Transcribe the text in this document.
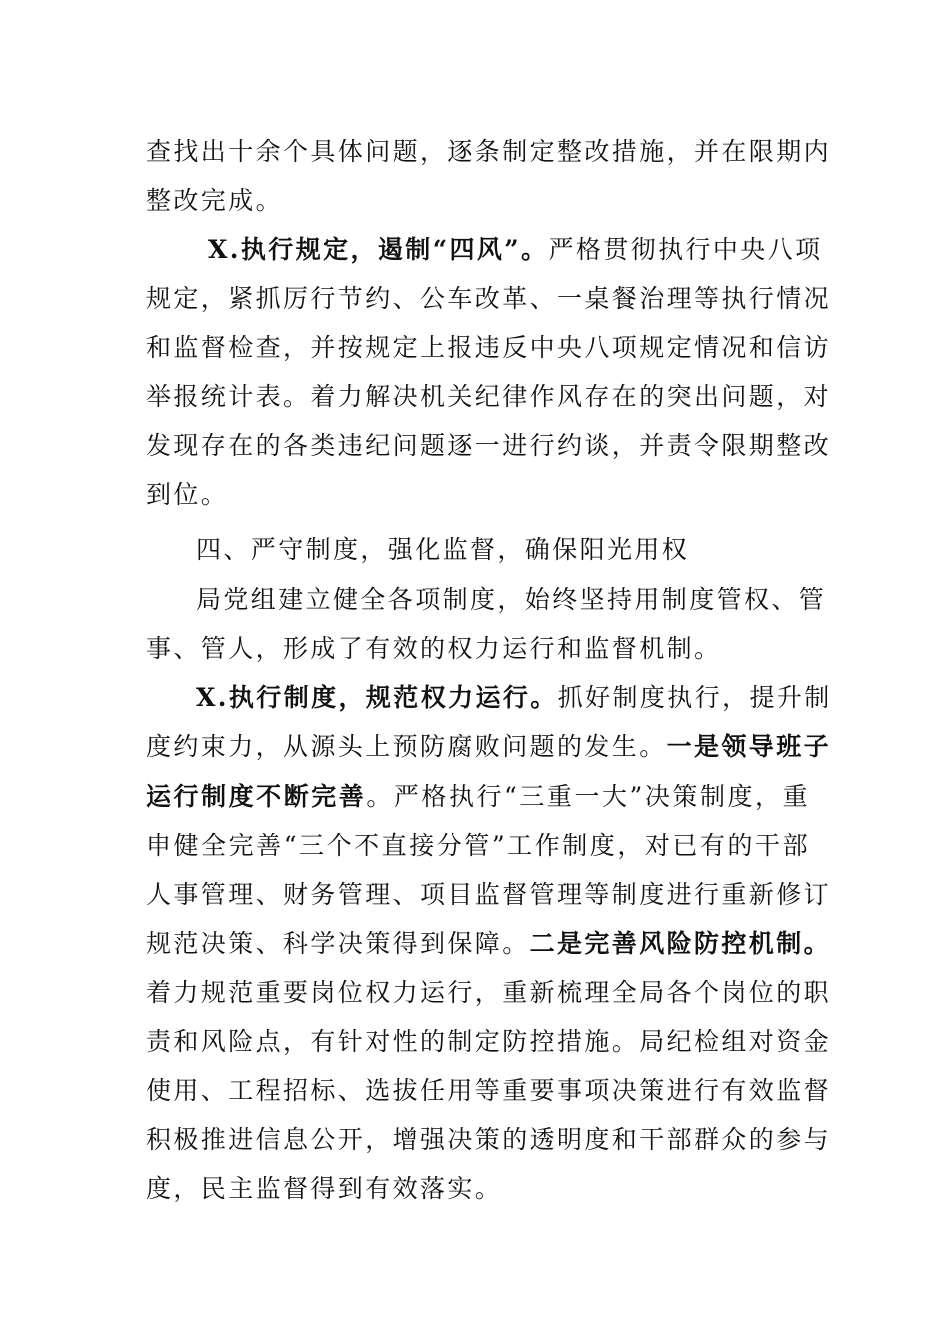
查找出十余个具体问题，逐条制定整改措施，并在限期内
整改完成。
X.执行规定，遏制“四风”。严格贯彻执行中央八项
规定，紧抓厉行节约、公车改革、一桌餐治理等执行情况
和监督检查，并按规定上报违反中央八项规定情况和信访
举报统计表。着力解决机关纪律作风存在的突出问题，对
发现存在的各类违纪问题逐一进行约谈，并责令限期整改
到位。
四、严守制度，强化监督，确保阳光用权
局党组建立健全各项制度，始终坚持用制度管权、管
事、管人，形成了有效的权力运行和监督机制。
X.执行制度，规范权力运行。抓好制度执行，提升制
度约束力，从源头上预防腐败问题的发生。一是领导班子
运行制度不断完善。严格执行“三重一大”决策制度，重
申健全完善“三个不直接分管”工作制度，对已有的干部
人事管理、财务管理、项目监督管理等制度进行重新修订
规范决策、科学决策得到保障。二是完善风险防控机制。
着力规范重要岗位权力运行，重新梳理全局各个岗位的职
责和风险点，有针对性的制定防控措施。局纪检组对资金
使用、工程招标、选拔任用等重要事项决策进行有效监督
积极推进信息公开，增强决策的透明度和干部群众的参与
度，民主监督得到有效落实。
